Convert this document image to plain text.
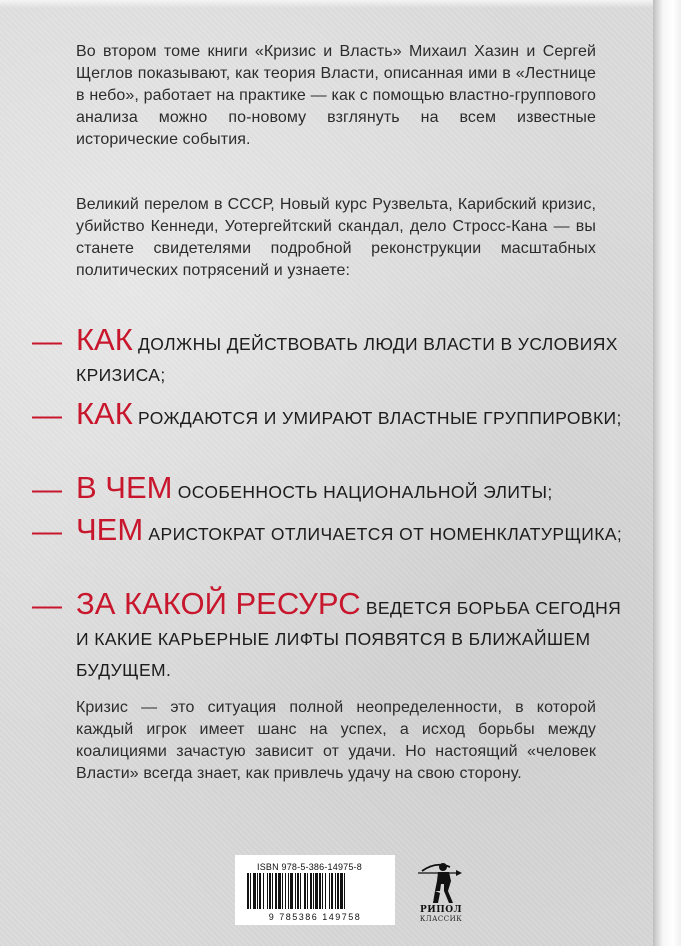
Во втором томе книги «Кризис и Власть» Михаил Хазин и Сергей Щеглов показывают, как теория Власти, описанная ими в «Лестнице в небо», работает на практике — как с помощью властно-группового анализа можно по-новому взглянуть на всем известные исторические события.

Великий перелом в СССР, Новый курс Рузвельта, Карибский кризис, убийство Кеннеди, Уотергейтский скандал, дело Стросс-Кана — вы станете свидетелями подробной реконструкции масштабных политических потрясений и узнаете:

— КАК ДОЛЖНЫ ДЕЙСТВОВАТЬ ЛЮДИ ВЛАСТИ В УСЛОВИЯХ КРИЗИСА;

— КАК РОЖДАЮТСЯ И УМИРАЮТ ВЛАСТНЫЕ ГРУППИРОВКИ;

— В ЧЕМ ОСОБЕННОСТЬ НАЦИОНАЛЬНОЙ ЭЛИТЫ;

— ЧЕМ АРИСТОКРАТ ОТЛИЧАЕТСЯ ОТ НОМЕНКЛАТУРЩИКА;

— ЗА КАКОЙ РЕСУРС ВЕДЕТСЯ БОРЬБА СЕГОДНЯ И КАКИЕ КАРЬЕРНЫЕ ЛИФТЫ ПОЯВЯТСЯ В БЛИЖАЙШЕМ БУДУЩЕМ.

Кризис — это ситуация полной неопределенности, в которой каждый игрок имеет шанс на успех, а исход борьбы между коалициями зачастую зависит от удачи. Но настоящий «человек Власти» всегда знает, как привлечь удачу на свою сторону.

ISBN 978-5-386-14975-8
9 785386 149758
РИПОЛ
КЛАССИК
